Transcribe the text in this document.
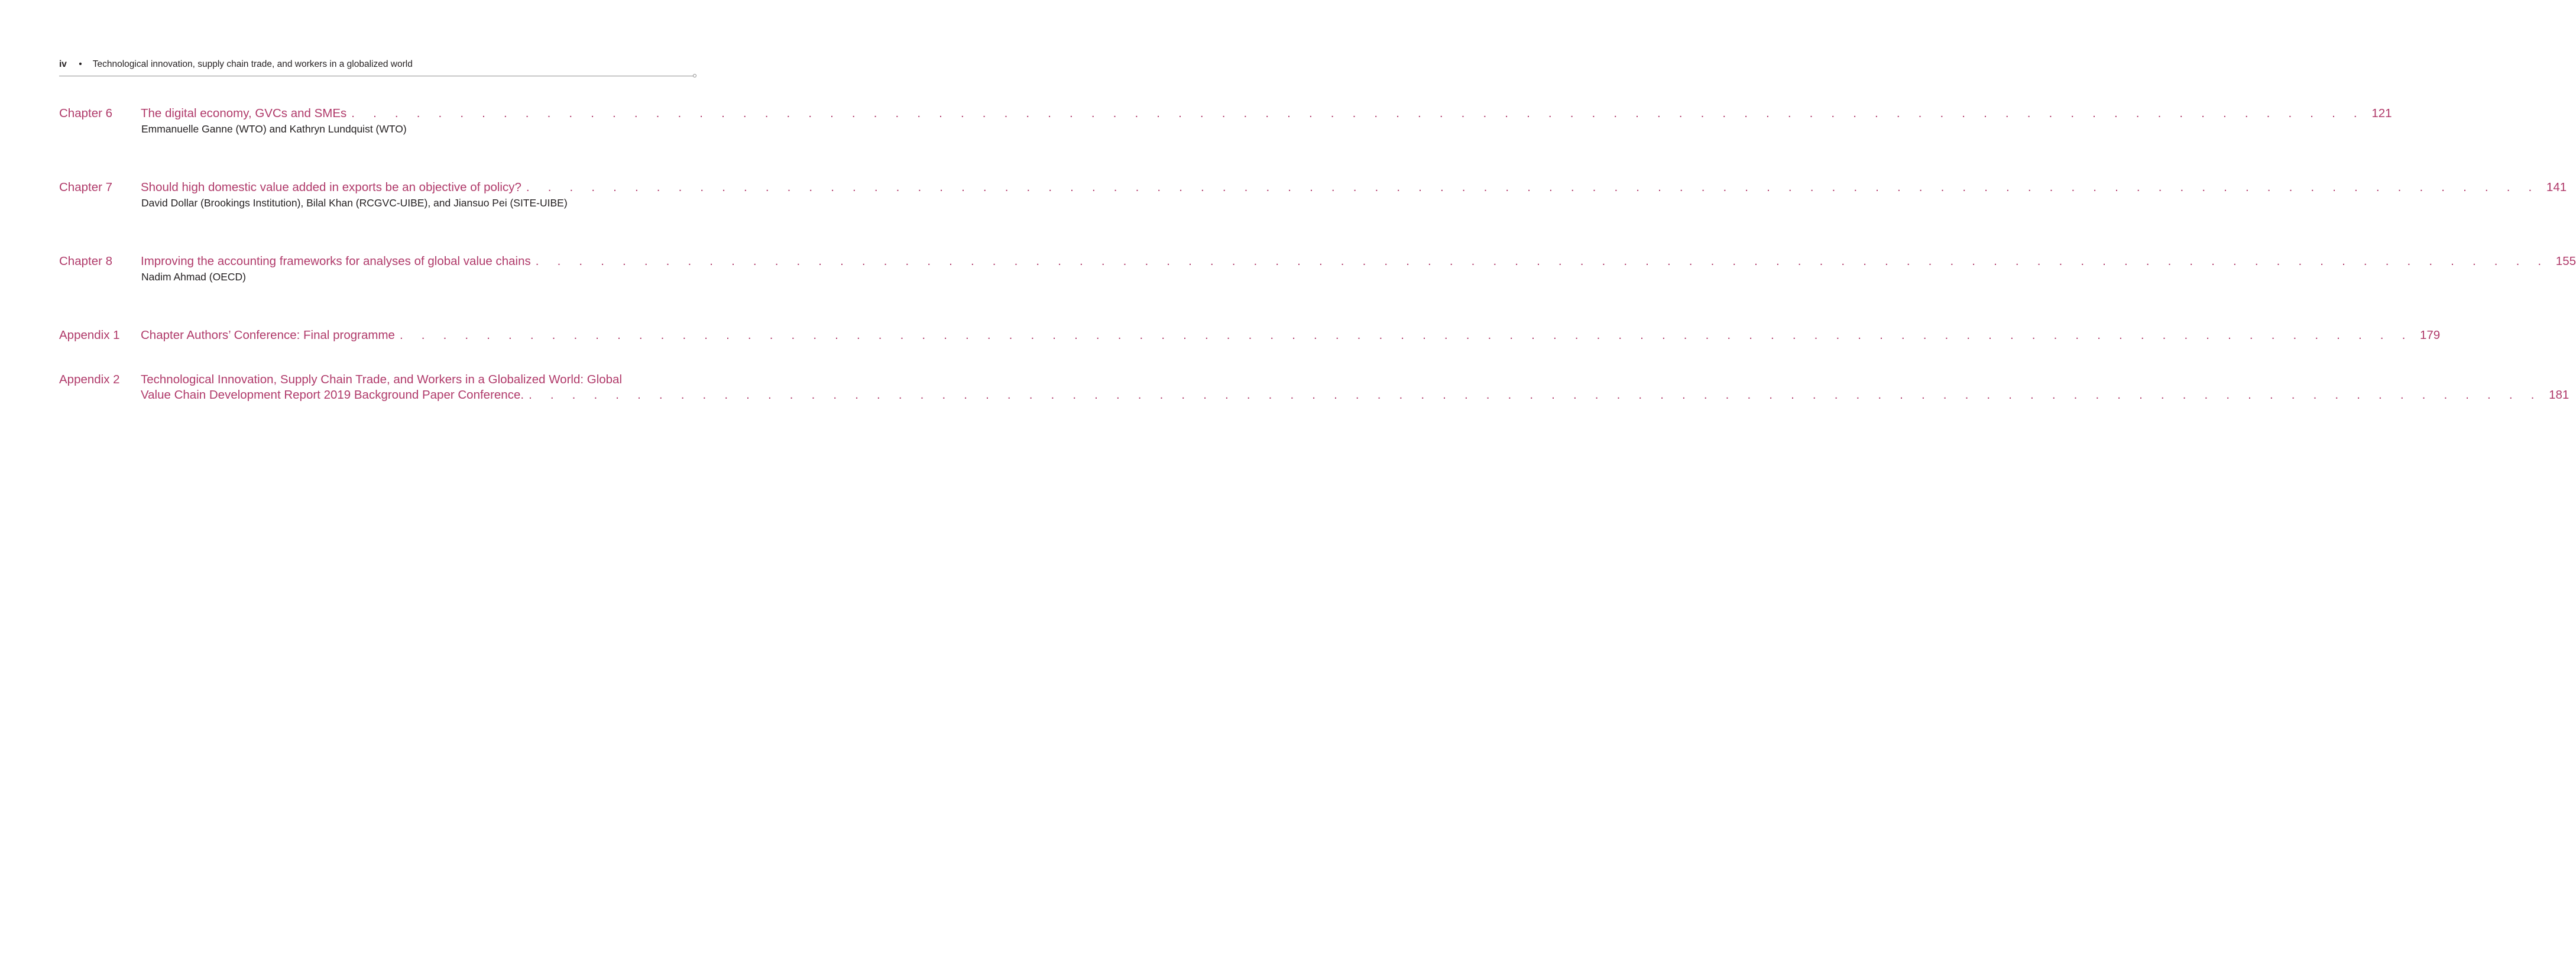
iv • Technological innovation, supply chain trade, and workers in a globalized world
Chapter 6 The digital economy, GVCs and SMEs . . . . . . . . . . . . . . . . . . . . . . . . . . . . . . . . . . . . . . . . . . . . . . . . . . . . . . . . . . . . . . . . . . . . . . . . . . . . . . . . . . . . . . . . . . . . . 121
Emmanuelle Ganne (WTO) and Kathryn Lundquist (WTO)
Chapter 7 Should high domestic value added in exports be an objective of policy? . . . . . . . . . . . . . . . . . . . . . . . . . . . . . . . . . . . . . . . . . . . . . . . . . . . . . . . . . . . . . . . . . . . . . . . . . . . . . . . . . . . . . . . . . . . . . 141
David Dollar (Brookings Institution), Bilal Khan (RCGVC-UIBE), and Jiansuo Pei (SITE-UIBE)
Chapter 8 Improving the accounting frameworks for analyses of global value chains . . . . . . . . . . . . . . . . . . . . . . . . . . . . . . . . . . . . . . . . . . . . . . . . . . . . . . . . . . . . . . . . . . . . . . . . . . . . . . . . . . . . . . . . . . . . . 155
Nadim Ahmad (OECD)
Appendix 1 Chapter Authors’ Conference: Final programme . . . . . . . . . . . . . . . . . . . . . . . . . . . . . . . . . . . . . . . . . . . . . . . . . . . . . . . . . . . . . . . . . . . . . . . . . . . . . . . . . . . . . . . . . . . . . 179
Appendix 2 Technological Innovation, Supply Chain Trade, and Workers in a Globalized World: Global
Value Chain Development Report 2019 Background Paper Conference. . . . . . . . . . . . . . . . . . . . . . . . . . . . . . . . . . . . . . . . . . . . . . . . . . . . . . . . . . . . . . . . . . . . . . . . . . . . . . . . . . . . . . . . . . . . . . 181
